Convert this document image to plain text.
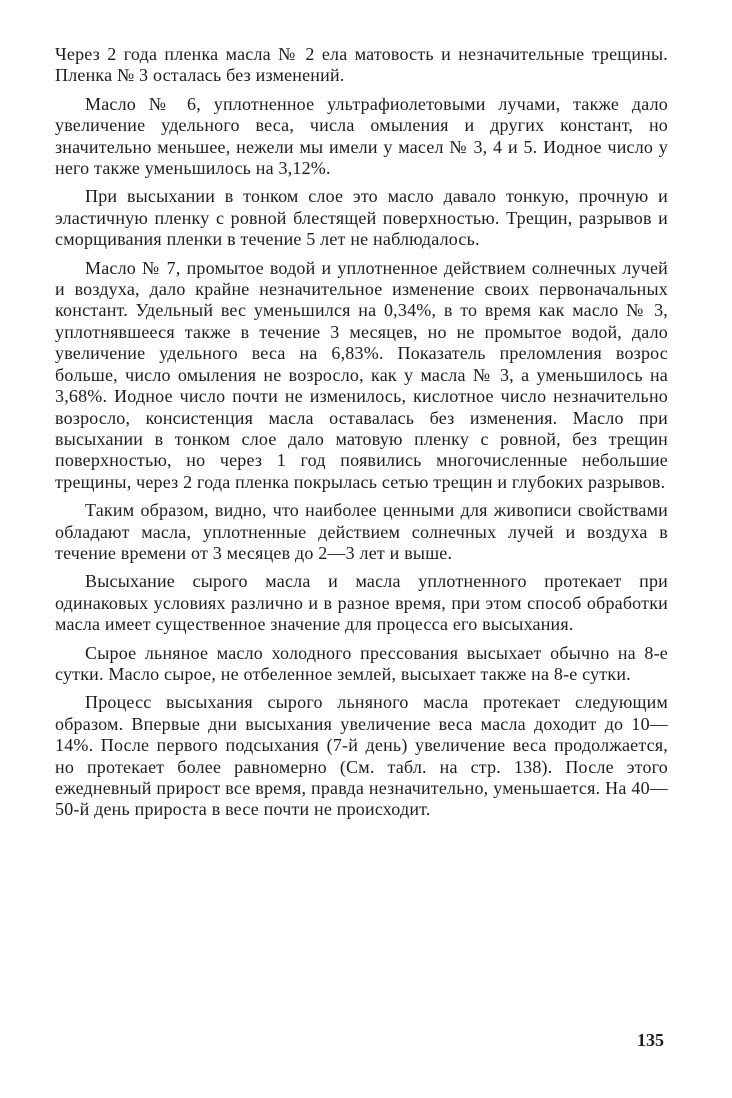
Через 2 года пленка масла № 2 ела матовость и незначительные трещины. Пленка № 3 осталась без изменений.

Масло № 6, уплотненное ультрафиолетовыми лучами, также дало увеличение удельного веса, числа омыления и других констант, но значительно меньшее, нежели мы имели у масел № 3, 4 и 5. Иодное число у него также уменьшилось на 3,12%.

При высыхании в тонком слое это масло давало тонкую, прочную и эластичную пленку с ровной блестящей поверхностью. Трещин, разрывов и сморщивания пленки в течение 5 лет не наблюдалось.

Масло № 7, промытое водой и уплотненное действием солнечных лучей и воздуха, дало крайне незначительное изменение своих первоначальных констант. Удельный вес уменьшился на 0,34%, в то время как масло № 3, уплотнявшееся также в течение 3 месяцев, но не промытое водой, дало увеличение удельного веса на 6,83%. Показатель преломления возрос больше, число омыления не возросло, как у масла № 3, а уменьшилось на 3,68%. Иодное число почти не изменилось, кислотное число незначительно возросло, консистенция масла оставалась без изменения. Масло при высыхании в тонком слое дало матовую пленку с ровной, без трещин поверхностью, но через 1 год появились многочисленные небольшие трещины, через 2 года пленка покрылась сетью трещин и глубоких разрывов.

Таким образом, видно, что наиболее ценными для живописи свойствами обладают масла, уплотненные действием солнечных лучей и воздуха в течение времени от 3 месяцев до 2—3 лет и выше.

Высыхание сырого масла и масла уплотненного протекает при одинаковых условиях различно и в разное время, при этом способ обработки масла имеет существенное значение для процесса его высыхания.

Сырое льняное масло холодного прессования высыхает обычно на 8-е сутки. Масло сырое, не отбеленное землей, высыхает также на 8-е сутки.

Процесс высыхания сырого льняного масла протекает следующим образом. Впервые дни высыхания увеличение веса масла доходит до 10—14%. После первого подсыхания (7-й день) увеличение веса продолжается, но протекает более равномерно (См. табл. на стр. 138). После этого ежедневный прирост все время, правда незначительно, уменьшается. На 40—50-й день прироста в весе почти не происходит.

135
